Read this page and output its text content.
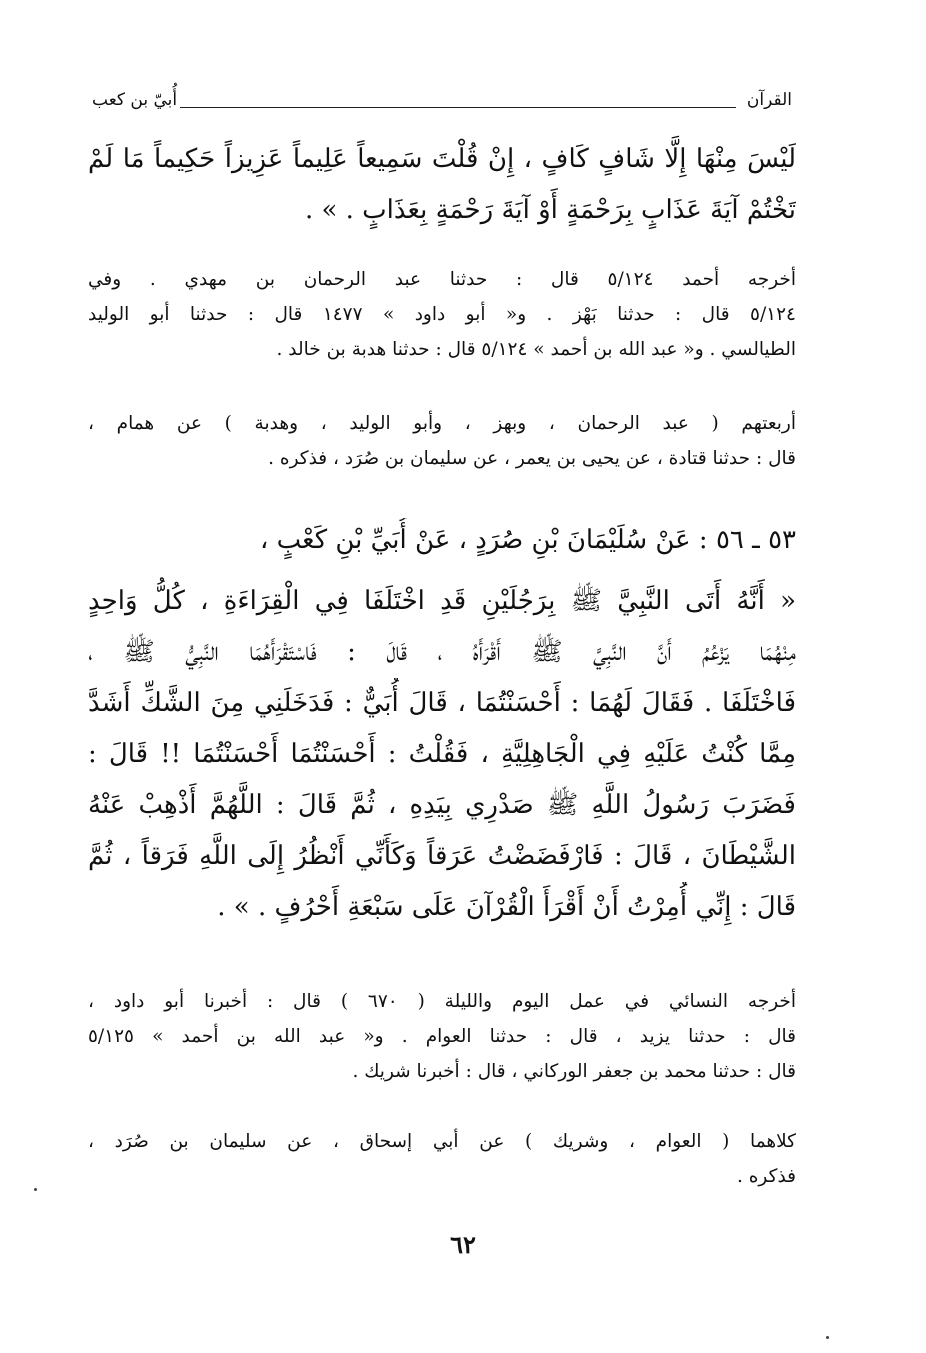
القرآن
أُبيّ بن كعب
لَيْسَ مِنْهَا إِلَّا شَافٍ كَافٍ ، إِنْ قُلْتَ سَمِيعاً عَلِيماً عَزِيزاً حَكِيماً مَا لَمْ
تَخْتُمْ آيَةَ عَذَابٍ بِرَحْمَةٍ أَوْ آيَةَ رَحْمَةٍ بِعَذَابٍ . » .
أخرجه أحمد ٥/١٢٤ قال : حدثنا عبد الرحمان بن مهدي . وفي
٥/١٢٤ قال : حدثنا بَهْز . و« أبو داود » ١٤٧٧ قال : حدثنا أبو الوليد
الطيالسي . و« عبد الله بن أحمد » ٥/١٢٤ قال : حدثنا هدبة بن خالد .
أربعتهم ( عبد الرحمان ، وبهز ، وأبو الوليد ، وهدبة ) عن همام ،
قال : حدثنا قتادة ، عن يحيى بن يعمر ، عن سليمان بن صُرَد ، فذكره .
٥٣ ـ ٥٦ : عَنْ سُلَيْمَانَ بْنِ صُرَدٍ ، عَنْ أُبَيِّ بْنِ كَعْبٍ ،
« أَنَّهُ أَتَى النَّبِيَّ ﷺ بِرَجُلَيْنِ قَدِ اخْتَلَفَا فِي الْقِرَاءَةِ ، كُلُّ وَاحِدٍ
مِنْهُمَا يَزْعُمُ أَنَّ النَّبِيَّ ﷺ أَقْرَأَهُ ، قَالَ : فَاسْتَقْرَأَهُمَا النَّبِيُّ ﷺ ،
فَاخْتَلَفَا . فَقَالَ لَهُمَا : أَحْسَنْتُمَا ، قَالَ أُبَيٌّ : فَدَخَلَنِي مِنَ الشَّكِّ أَشَدَّ
مِمَّا كُنْتُ عَلَيْهِ فِي الْجَاهِلِيَّةِ ، فَقُلْتُ : أَحْسَنْتُمَا أَحْسَنْتُمَا !! قَالَ :
فَضَرَبَ رَسُولُ اللَّهِ ﷺ صَدْرِي بِيَدِهِ ، ثُمَّ قَالَ : اللَّهُمَّ أَذْهِبْ عَنْهُ
الشَّيْطَانَ ، قَالَ : فَارْفَضَضْتُ عَرَقاً وَكَأَنِّي أَنْظُرُ إِلَى اللَّهِ فَرَقاً ، ثُمَّ
قَالَ : إِنِّي أُمِرْتُ أَنْ أَقْرَأَ الْقُرْآنَ عَلَى سَبْعَةِ أَحْرُفٍ . » .
أخرجه النسائي في عمل اليوم والليلة ( ٦٧٠ ) قال : أخبرنا أبو داود ،
قال : حدثنا يزيد ، قال : حدثنا العوام . و« عبد الله بن أحمد » ٥/١٢٥
قال : حدثنا محمد بن جعفر الوركاني ، قال : أخبرنا شريك .
كلاهما ( العوام ، وشريك ) عن أبي إسحاق ، عن سليمان بن صُرَد ،
فذكره .
٦٢
